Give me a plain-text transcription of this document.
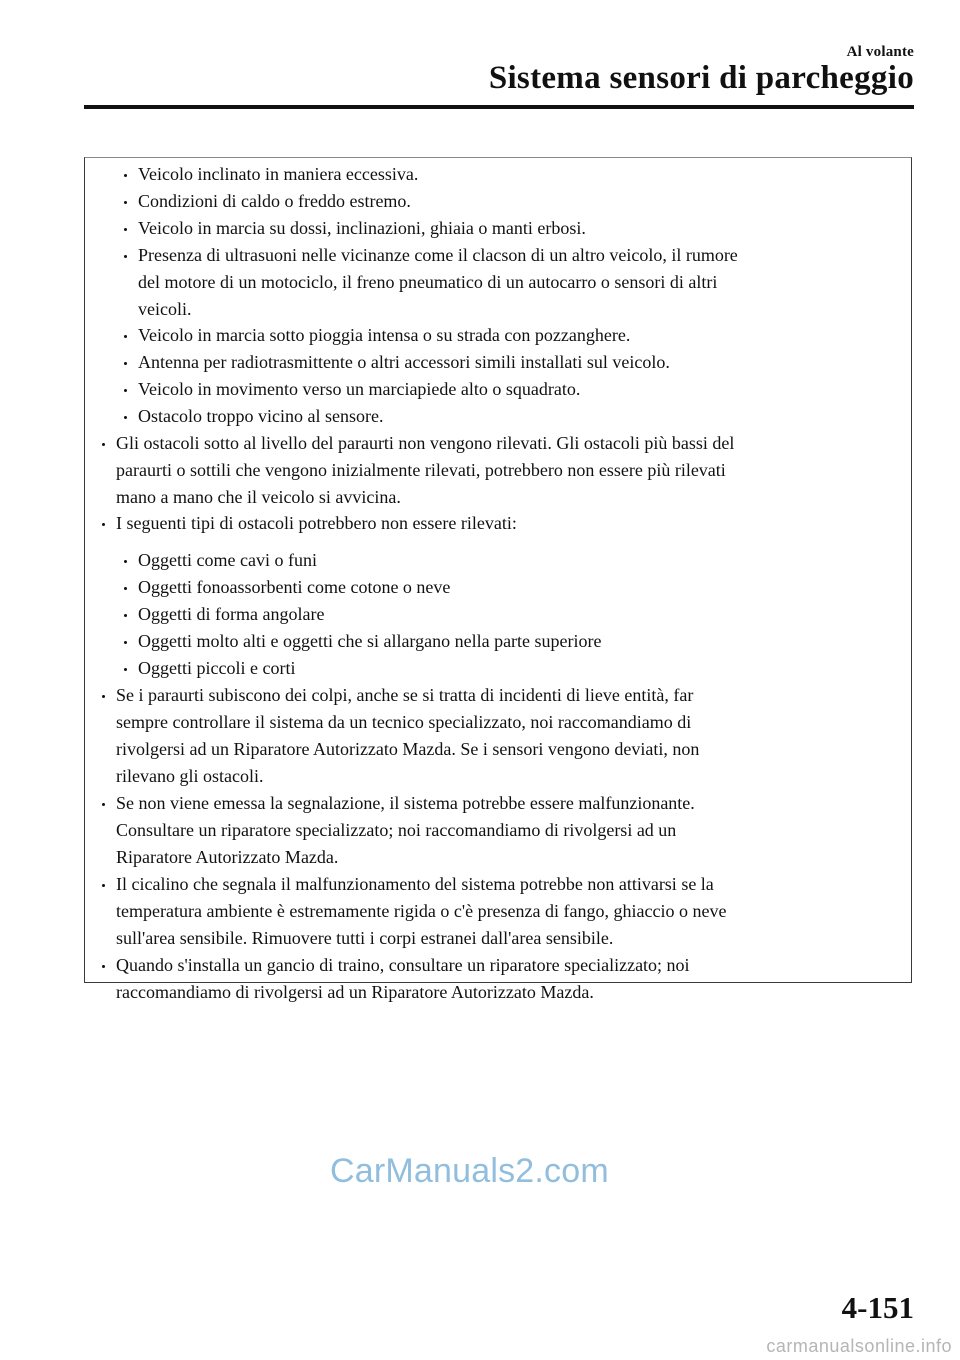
Al volante
Sistema sensori di parcheggio
Veicolo inclinato in maniera eccessiva.
Condizioni di caldo o freddo estremo.
Veicolo in marcia su dossi, inclinazioni, ghiaia o manti erbosi.
Presenza di ultrasuoni nelle vicinanze come il clacson di un altro veicolo, il rumore
del motore di un motociclo, il freno pneumatico di un autocarro o sensori di altri
veicoli.
Veicolo in marcia sotto pioggia intensa o su strada con pozzanghere.
Antenna per radiotrasmittente o altri accessori simili installati sul veicolo.
Veicolo in movimento verso un marciapiede alto o squadrato.
Ostacolo troppo vicino al sensore.
Gli ostacoli sotto al livello del paraurti non vengono rilevati. Gli ostacoli più bassi del
paraurti o sottili che vengono inizialmente rilevati, potrebbero non essere più rilevati
mano a mano che il veicolo si avvicina.
I seguenti tipi di ostacoli potrebbero non essere rilevati:
Oggetti come cavi o funi
Oggetti fonoassorbenti come cotone o neve
Oggetti di forma angolare
Oggetti molto alti e oggetti che si allargano nella parte superiore
Oggetti piccoli e corti
Se i paraurti subiscono dei colpi, anche se si tratta di incidenti di lieve entità, far
sempre controllare il sistema da un tecnico specializzato, noi raccomandiamo di
rivolgersi ad un Riparatore Autorizzato Mazda. Se i sensori vengono deviati, non
rilevano gli ostacoli.
Se non viene emessa la segnalazione, il sistema potrebbe essere malfunzionante.
Consultare un riparatore specializzato; noi raccomandiamo di rivolgersi ad un
Riparatore Autorizzato Mazda.
Il cicalino che segnala il malfunzionamento del sistema potrebbe non attivarsi se la
temperatura ambiente è estremamente rigida o c'è presenza di fango, ghiaccio o neve
sull'area sensibile. Rimuovere tutti i corpi estranei dall'area sensibile.
Quando s'installa un gancio di traino, consultare un riparatore specializzato; noi
raccomandiamo di rivolgersi ad un Riparatore Autorizzato Mazda.
CarManuals2.com
4-151
carmanualsonline.info
